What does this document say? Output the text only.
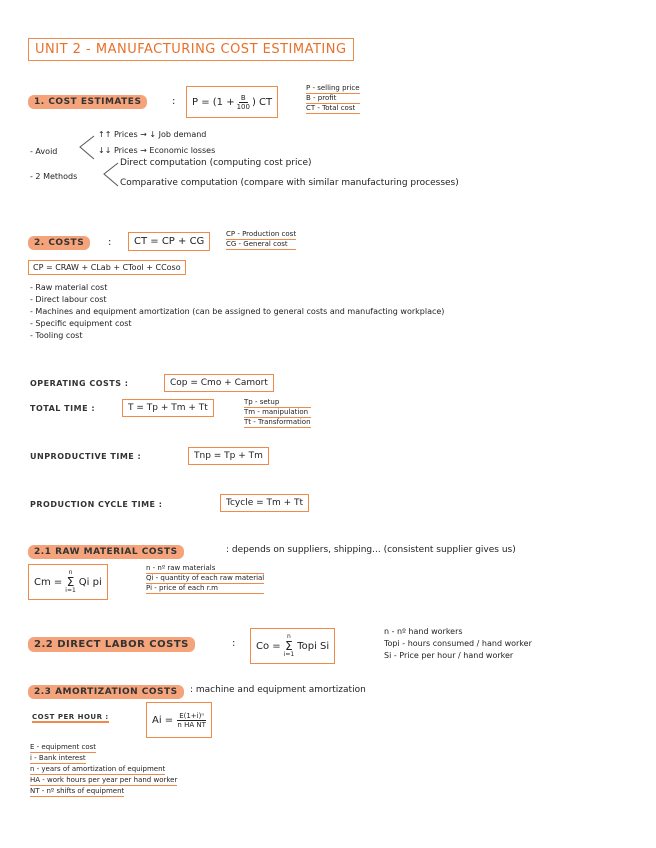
UNIT 2 - MANUFACTURING COST ESTIMATING
1. COST ESTIMATES	: $P = (1 + \frac{B}{100}$ ) CT
P - selling price
B - profit
CT - Total cost
- Avoid
↑↑ Prices → ↓ Job demand
↓↓ Prices → Economic losses
- 2 Methods
Direct computation (computing cost price)
Comparative computation (compare with similar manufacturing processes)
2. COSTS	:	CT = CP + CG
CP - Production cost
CG - General cost
CP = CRAW + CLab + CTool + CCoso
- Raw material cost
- Direct labour cost
- Machines and equipment amortization (can be assigned to general costs and manufacting workplace)
- Specific equipment cost
- Tooling cost
OPERATING COSTS :	Cop = Cmo + Camort
TOTAL TIME :	T = Tp + Tm + Tt
Tp - setup
Tm - manipulation
Tt - Transformation
UNPRODUCTIVE TIME :	Tnp = Tp + Tm
PRODUCTION CYCLE TIME :	Tcycle = Tm + Tt
2.1 RAW MATERIAL COSTS	: depends on suppliers, shipping... (consistent supplier gives us)
Cm =
n
Σ
i=1
Qi pi
n - nº raw materials
Qi - quantity of each raw material
Pi - price of each r.m
2.2 DIRECT LABOR COSTS	: Co =
n
Σ
i=1
Topi Si
n - nº hand workers
Topi - hours consumed / hand worker
Si - Price per hour / hand worker
2.3 AMORTIZATION COSTS	: machine and equipment amortization
COST PER HOUR :	$Ai = \frac{\text{E(1+i)ⁿ}}{\text{n HA NT}}$
E - equipment cost
i - Bank interest
n - years of amortization of equipment
HA - work hours per year per hand worker
NT - nº shifts of equipment
